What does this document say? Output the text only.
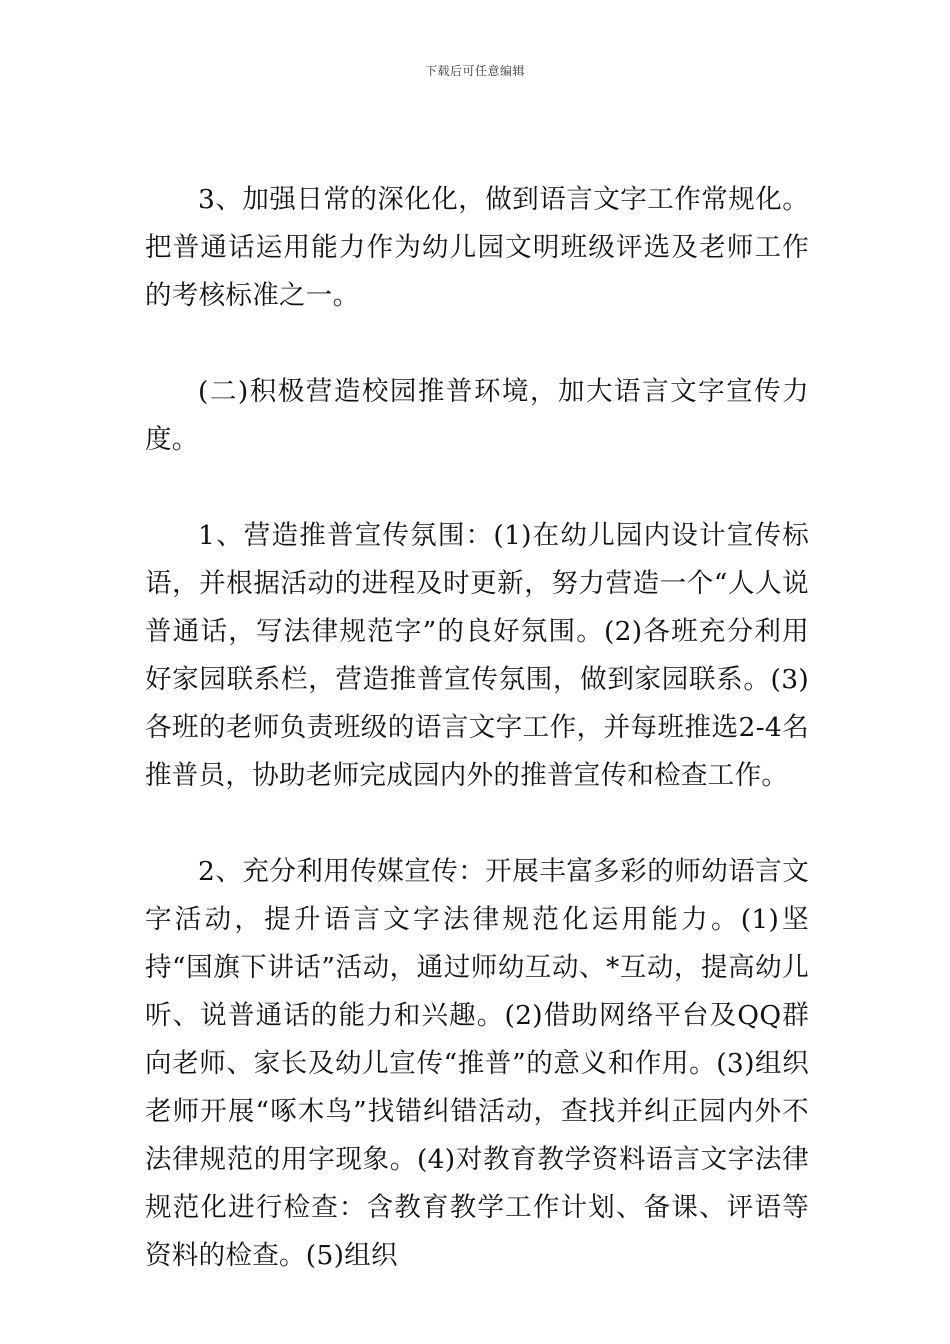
下载后可任意编辑

3、加强日常的深化化，做到语言文字工作常规化。把普通话运用能力作为幼儿园文明班级评选及老师工作的考核标准之一。

(二)积极营造校园推普环境，加大语言文字宣传力度。

1、营造推普宣传氛围：(1)在幼儿园内设计宣传标语，并根据活动的进程及时更新，努力营造一个“人人说普通话，写法律规范字”的良好氛围。(2)各班充分利用好家园联系栏，营造推普宣传氛围，做到家园联系。(3)各班的老师负责班级的语言文字工作，并每班推选2-4名推普员，协助老师完成园内外的推普宣传和检查工作。

2、充分利用传媒宣传：开展丰富多彩的师幼语言文字活动，提升语言文字法律规范化运用能力。(1)坚持“国旗下讲话”活动，通过师幼互动、*互动，提高幼儿听、说普通话的能力和兴趣。(2)借助网络平台及QQ群向老师、家长及幼儿宣传“推普”的意义和作用。(3)组织老师开展“啄木鸟”找错纠错活动，查找并纠正园内外不法律规范的用字现象。(4)对教育教学资料语言文字法律规范化进行检查：含教育教学工作计划、备课、评语等资料的检查。(5)组织
